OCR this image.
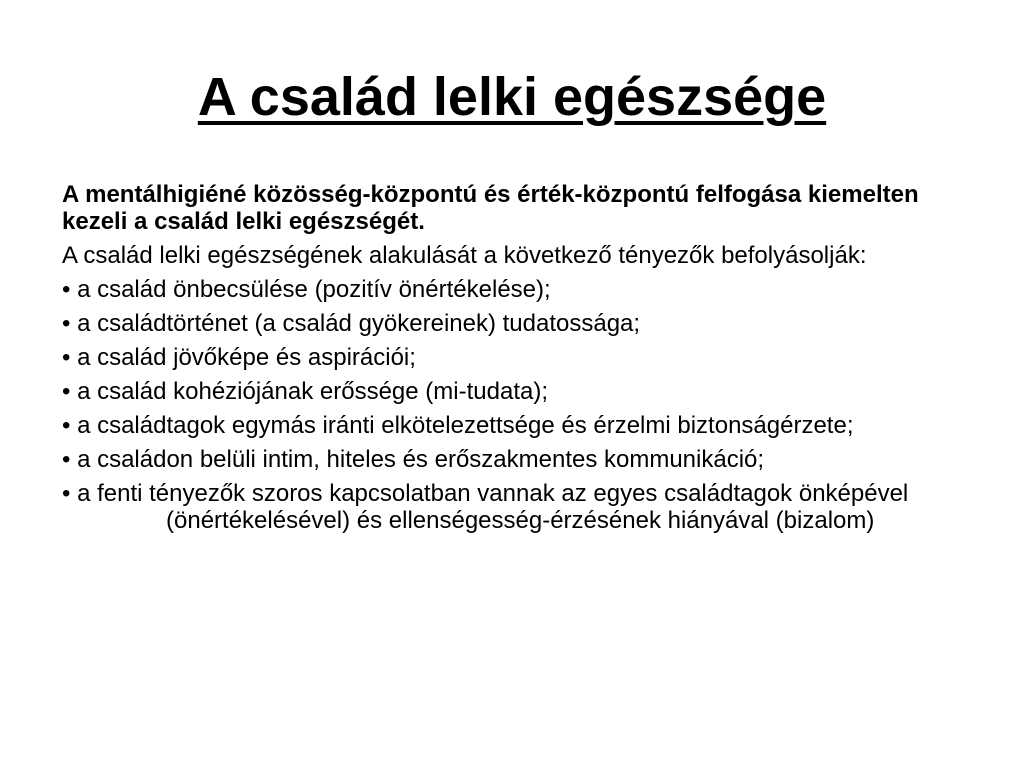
A család lelki egészsége

A mentálhigiéné közösség-központú és érték-központú felfogása kiemelten kezeli a család lelki egészségét.

A család lelki egészségének alakulását a következő tényezők befolyásolják:

• a család önbecsülése (pozitív önértékelése);

• a családtörténet (a család gyökereinek) tudatossága;

• a család jövőképe és aspirációi;

• a család kohéziójának erőssége (mi-tudata);

• a családtagok egymás iránti elkötelezettsége és érzelmi biztonságérzete;

• a családon belüli intim, hiteles és erőszakmentes kommunikáció;

• a fenti tényezők szoros kapcsolatban vannak az egyes családtagok önképével (önértékelésével) és ellenségesség-érzésének hiányával (bizalom)
